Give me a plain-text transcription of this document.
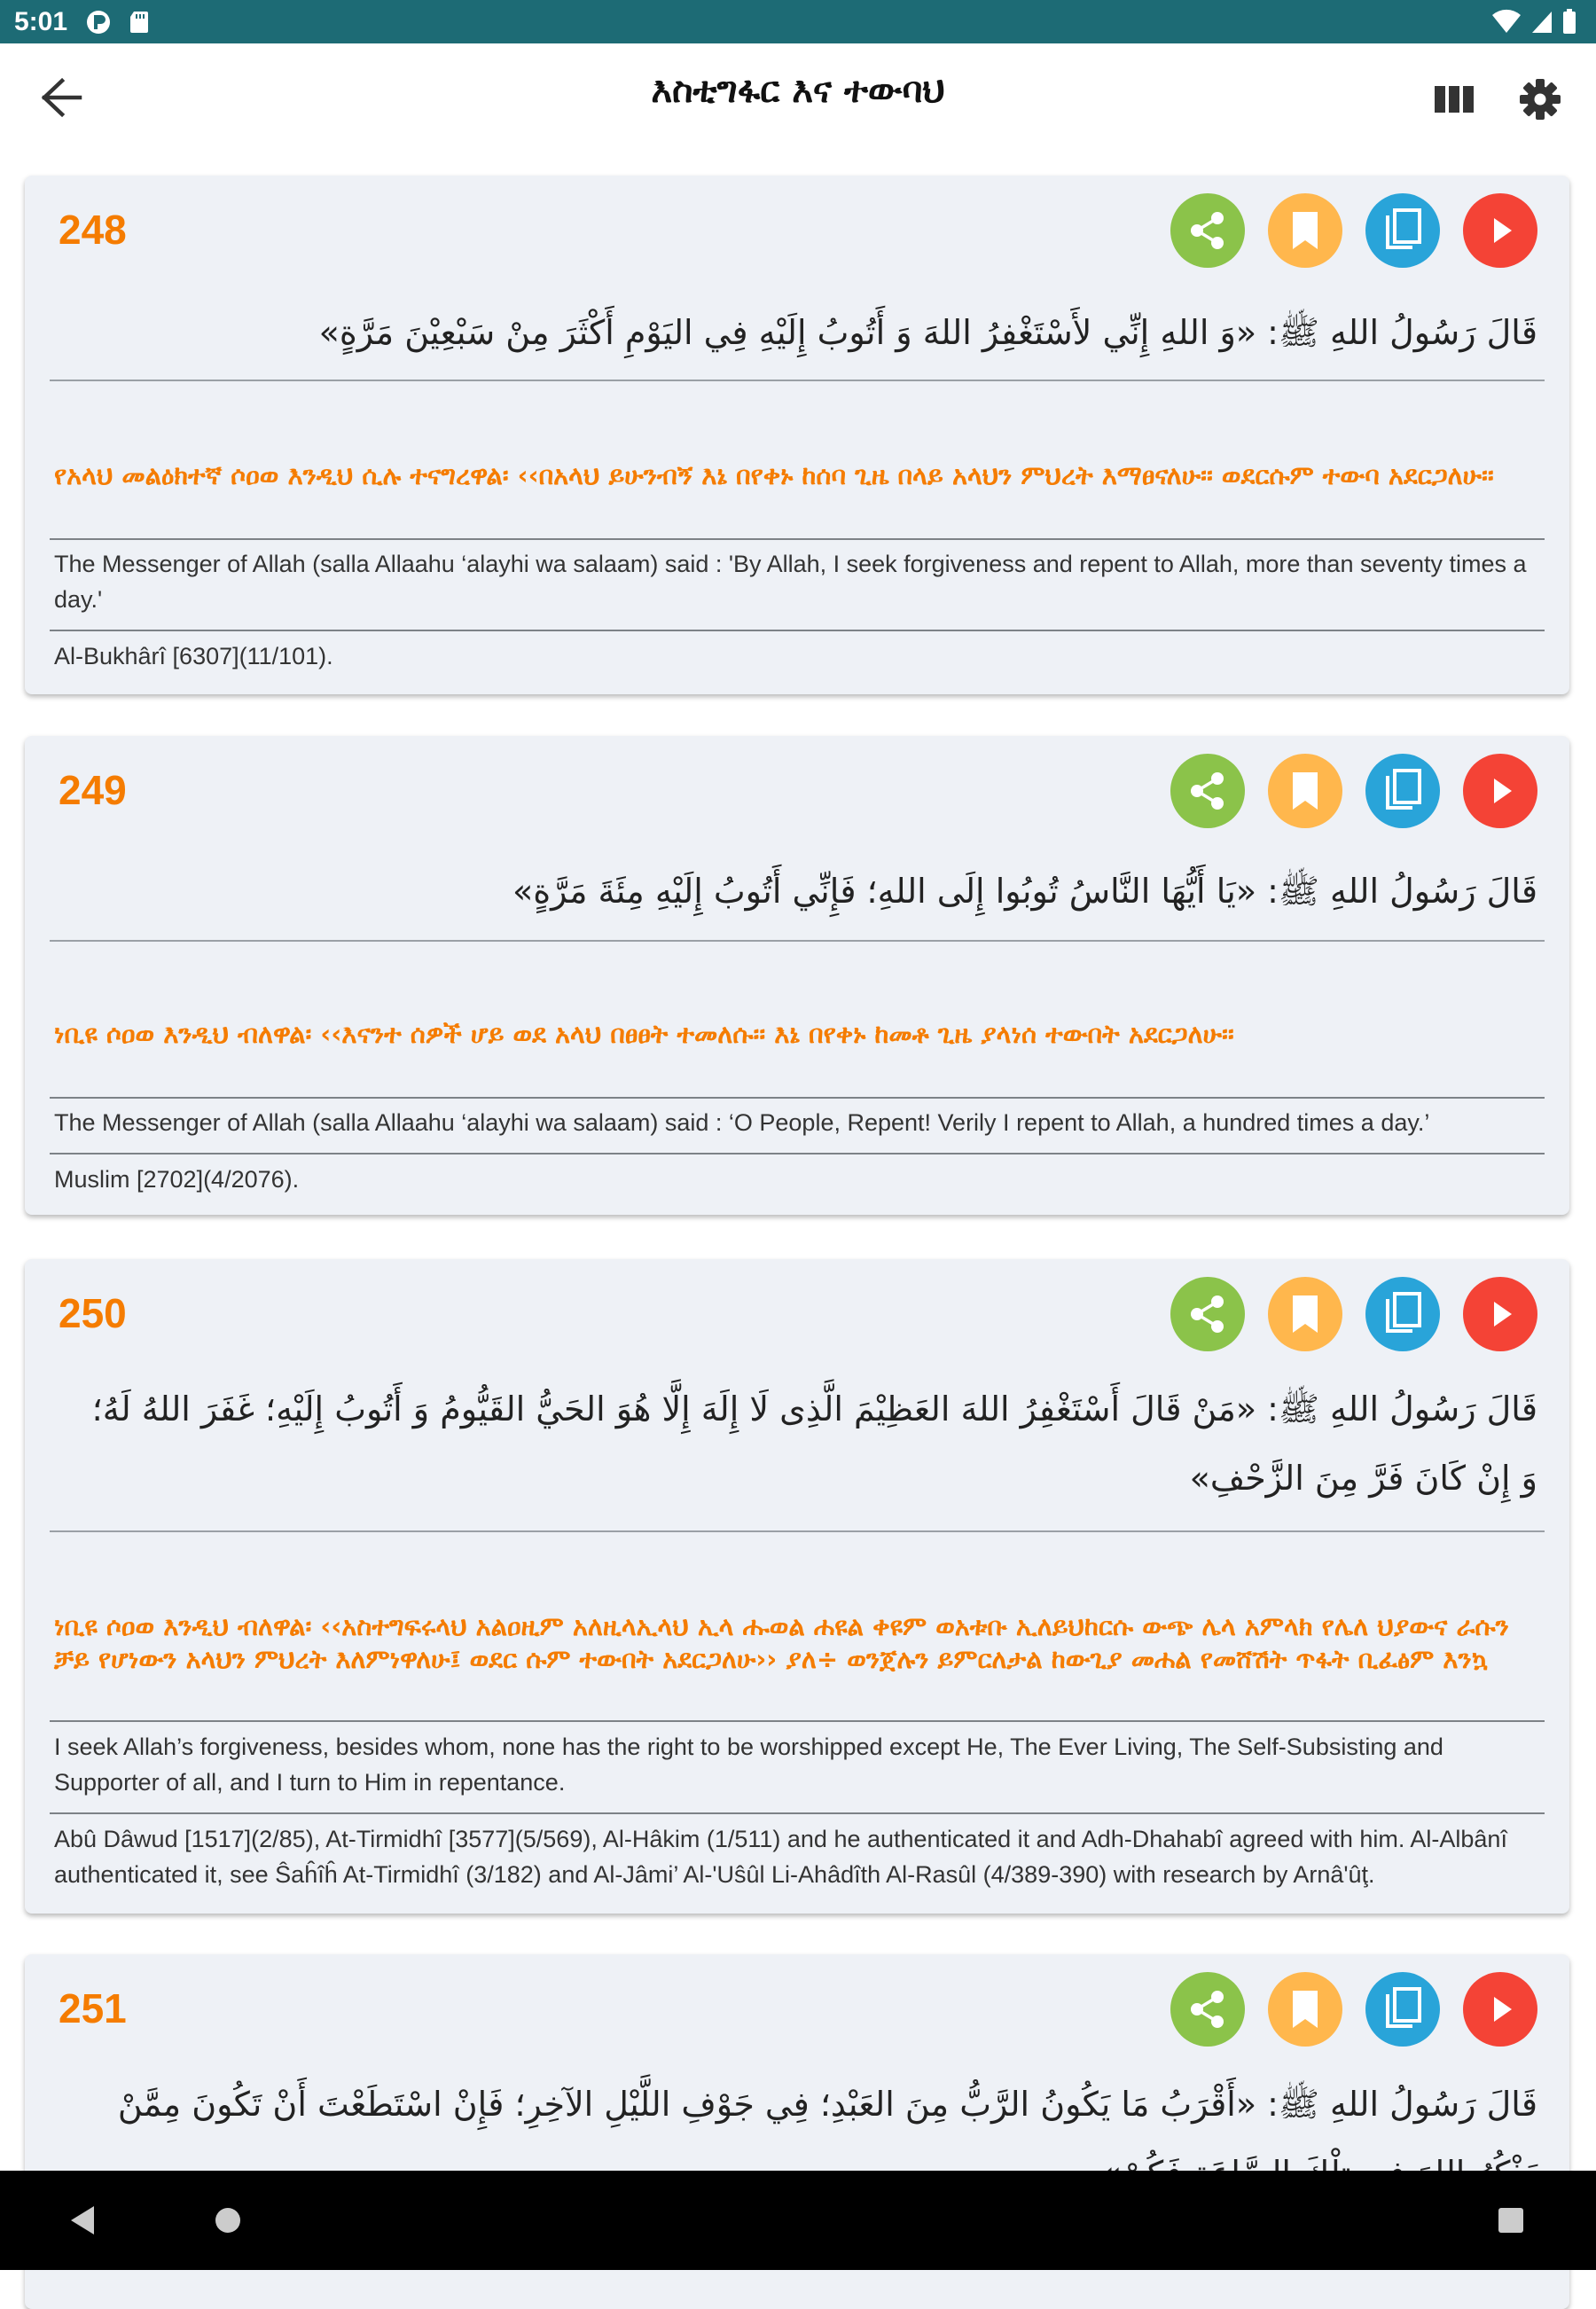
5:01
እስቲግፋር እና ተውባህ
248
قَالَ رَسُولُ اللهِ ﷺ: «وَ اللهِ إِنِّي لأَسْتَغْفِرُ اللهَ وَ أَتُوبُ إِلَيْهِ فِي اليَوْمِ أَكْثَرَ مِنْ سَبْعِيْنَ مَرَّةٍ»
የአላህ መልዕክተኛ ሶዐወ እንዲህ ሲሉ ተናግረዋል፡ ‹‹በአላህ ይሁንብኝ እኔ በየቀኑ ከሰባ ጊዜ በላይ አላህን ምህረት እማፀናለሁ፡፡ ወደርሱም ተውባ አደርጋለሁ፡፡
The Messenger of Allah (salla Allaahu ‘alayhi wa salaam) said : 'By Allah, I seek forgiveness and repent to Allah, more than seventy times a day.'
Al-Bukhârî [6307](11/101).
249
قَالَ رَسُولُ اللهِ ﷺ: «يَا أَيُّهَا النَّاسُ تُوبُوا إِلَى اللهِ؛ فَإِنِّي أَتُوبُ إِلَيْهِ مِئَةَ مَرَّةٍ»
ነቢዩ ሶዐወ እንዲህ ብለዋል፡ ‹‹እናንተ ሰዎች ሆይ ወደ አላህ በፀፀት ተመለሱ፡፡ እኔ በየቀኑ ከመቶ ጊዜ ያላነሰ ተውበት አደርጋለሁ፡፡
The Messenger of Allah (salla Allaahu ‘alayhi wa salaam) said : ‘O People, Repent! Verily I repent to Allah, a hundred times a day.’
Muslim [2702](4/2076).
250
قَالَ رَسُولُ اللهِ ﷺ: «مَنْ قَالَ أَسْتَغْفِرُ اللهَ العَظِيْمَ الَّذِى لَا إِلَهَ إِلَّا هُوَ الحَيُّ القَيُّومُ وَ أَتُوبُ إِلَيْهِ؛ غَفَرَ اللهُ لَهُ؛ وَ إِنْ كَانَ فَرَّ مِنَ الزَّحْفِ»
ነቢዩ ሶዐወ እንዲህ ብለዋል፡ ‹‹አስተግፍሩላህ አልዐዚም አለዚላኢላህ ኢላ ሑወል ሐዩል ቀዩም ወአቱቡ ኢለይህከርሱ ውጭ ሌላ አምላክ የሌለ ህያውና ራሱን ቻይ የሆነውን አላህን ምህረት እለምነዋለሁ፤ ወደር ሱም ተውበት አደርጋለሁ›› ያለ÷ ወንጀሉን ይምርለታል ከውጊያ መሐል የመሸሽት ጥፋት ቢፈፅም እንኳ
I seek Allah’s forgiveness, besides whom, none has the right to be worshipped except He, The Ever Living, The Self-Subsisting and Supporter of all, and I turn to Him in repentance.
Abû Dâwud [1517](2/85), At-Tirmidhî [3577](5/569), Al-Hâkim (1/511) and he authenticated it and Adh-Dhahabî agreed with him. Al-Albânî authenticated it, see Ŝaĥîĥ At-Tirmidhî (3/182) and Al-Jâmi’ Al-'Uŝûl Li-Ahâdîth Al-Rasûl (4/389-390) with research by Arnâ'ûţ.
251
قَالَ رَسُولُ اللهِ ﷺ: «أَقْرَبُ مَا يَكُونُ الرَّبُّ مِنَ العَبْدِ؛ فِي جَوْفِ اللَّيْلِ الآخِرِ؛ فَإِنْ اسْتَطَعْتَ أَنْ تَكُونَ مِمَّنْ
